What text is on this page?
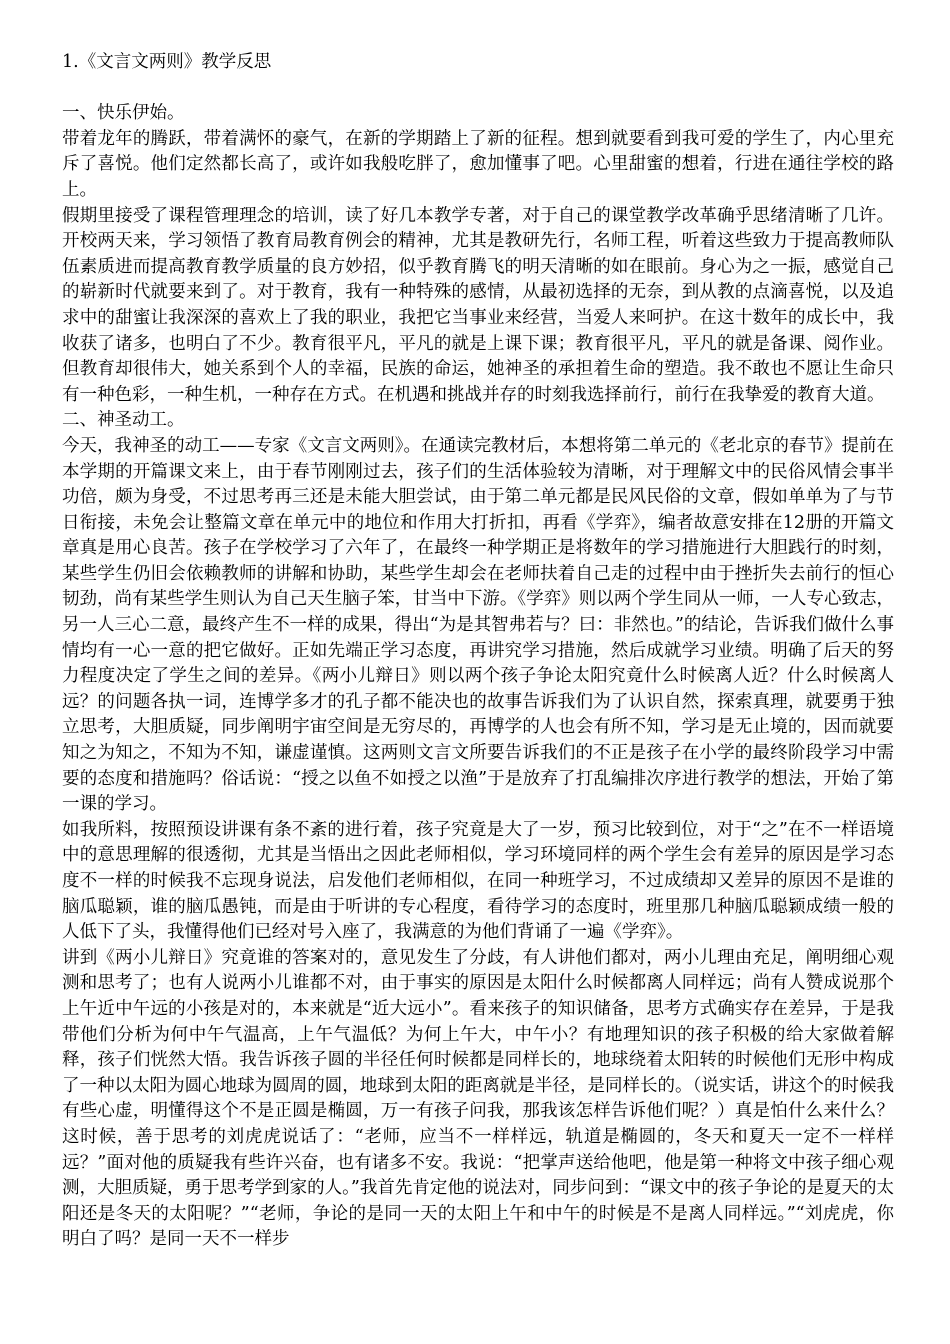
1.《文言文两则》教学反思

一、快乐伊始。

带着龙年的腾跃，带着满怀的豪气，在新的学期踏上了新的征程。想到就要看到我可爱的学生了，内心里充斥了喜悦。他们定然都长高了，或许如我般吃胖了，愈加懂事了吧。心里甜蜜的想着，行进在通往学校的路上。

假期里接受了课程管理理念的培训，读了好几本教学专著，对于自己的课堂教学改革确乎思绪清晰了几许。开校两天来，学习领悟了教育局教育例会的精神，尤其是教研先行，名师工程，听着这些致力于提高教师队伍素质进而提高教育教学质量的良方妙招，似乎教育腾飞的明天清晰的如在眼前。身心为之一振，感觉自己的崭新时代就要来到了。对于教育，我有一种特殊的感情，从最初选择的无奈，到从教的点滴喜悦，以及追求中的甜蜜让我深深的喜欢上了我的职业，我把它当事业来经营，当爱人来呵护。在这十数年的成长中，我收获了诸多，也明白了不少。教育很平凡，平凡的就是上课下课；教育很平凡，平凡的就是备课、阅作业。但教育却很伟大，她关系到个人的幸福，民族的命运，她神圣的承担着生命的塑造。我不敢也不愿让生命只有一种色彩，一种生机，一种存在方式。在机遇和挑战并存的时刻我选择前行，前行在我挚爱的教育大道。

二、神圣动工。

今天，我神圣的动工——专家《文言文两则》。在通读完教材后，本想将第二单元的《老北京的春节》提前在本学期的开篇课文来上，由于春节刚刚过去，孩子们的生活体验较为清晰，对于理解文中的民俗风情会事半功倍，颇为身受，不过思考再三还是未能大胆尝试，由于第二单元都是民风民俗的文章，假如单单为了与节日衔接，未免会让整篇文章在单元中的地位和作用大打折扣，再看《学弈》，编者故意安排在12册的开篇文章真是用心良苦。孩子在学校学习了六年了，在最终一种学期正是将数年的学习措施进行大胆践行的时刻，某些学生仍旧会依赖教师的讲解和协助，某些学生却会在老师扶着自己走的过程中由于挫折失去前行的恒心韧劲，尚有某些学生则认为自己天生脑子笨，甘当中下游。《学弈》则以两个学生同从一师，一人专心致志，另一人三心二意，最终产生不一样的成果，得出“为是其智弗若与？曰：非然也。”的结论，告诉我们做什么事情均有一心一意的把它做好。正如先端正学习态度，再讲究学习措施，然后成就学习业绩。明确了后天的努力程度决定了学生之间的差异。《两小儿辩日》则以两个孩子争论太阳究竟什么时候离人近？什么时候离人远？的问题各执一词，连博学多才的孔子都不能决也的故事告诉我们为了认识自然，探索真理，就要勇于独立思考，大胆质疑，同步阐明宇宙空间是无穷尽的，再博学的人也会有所不知，学习是无止境的，因而就要知之为知之，不知为不知，谦虚谨慎。这两则文言文所要告诉我们的不正是孩子在小学的最终阶段学习中需要的态度和措施吗？俗话说：“授之以鱼不如授之以渔”于是放弃了打乱编排次序进行教学的想法，开始了第一课的学习。

如我所料，按照预设讲课有条不紊的进行着，孩子究竟是大了一岁，预习比较到位，对于“之”在不一样语境中的意思理解的很透彻，尤其是当悟出之因此老师相似，学习环境同样的两个学生会有差异的原因是学习态度不一样的时候我不忘现身说法，启发他们老师相似，在同一种班学习，不过成绩却又差异的原因不是谁的脑瓜聪颖，谁的脑瓜愚钝，而是由于听讲的专心程度，看待学习的态度时，班里那几种脑瓜聪颖成绩一般的人低下了头，我懂得他们已经对号入座了，我满意的为他们背诵了一遍《学弈》。

讲到《两小儿辩日》究竟谁的答案对的，意见发生了分歧，有人讲他们都对，两小儿理由充足，阐明细心观测和思考了；也有人说两小儿谁都不对，由于事实的原因是太阳什么时候都离人同样远；尚有人赞成说那个上午近中午远的小孩是对的，本来就是“近大远小”。看来孩子的知识储备，思考方式确实存在差异，于是我带他们分析为何中午气温高，上午气温低？为何上午大，中午小？有地理知识的孩子积极的给大家做着解释，孩子们恍然大悟。我告诉孩子圆的半径任何时候都是同样长的，地球绕着太阳转的时候他们无形中构成了一种以太阳为圆心地球为圆周的圆，地球到太阳的距离就是半径，是同样长的。（说实话，讲这个的时候我有些心虚，明懂得这个不是正圆是椭圆，万一有孩子问我，那我该怎样告诉他们呢？）真是怕什么来什么？这时候，善于思考的刘虎虎说话了：“老师，应当不一样样远，轨道是椭圆的，冬天和夏天一定不一样样远？”面对他的质疑我有些许兴奋，也有诸多不安。我说：“把掌声送给他吧，他是第一种将文中孩子细心观测，大胆质疑，勇于思考学到家的人。”我首先肯定他的说法对，同步问到：“课文中的孩子争论的是夏天的太阳还是冬天的太阳呢？”“老师，争论的是同一天的太阳上午和中午的时候是不是离人同样远。”“刘虎虎，你明白了吗？是同一天不一样步
